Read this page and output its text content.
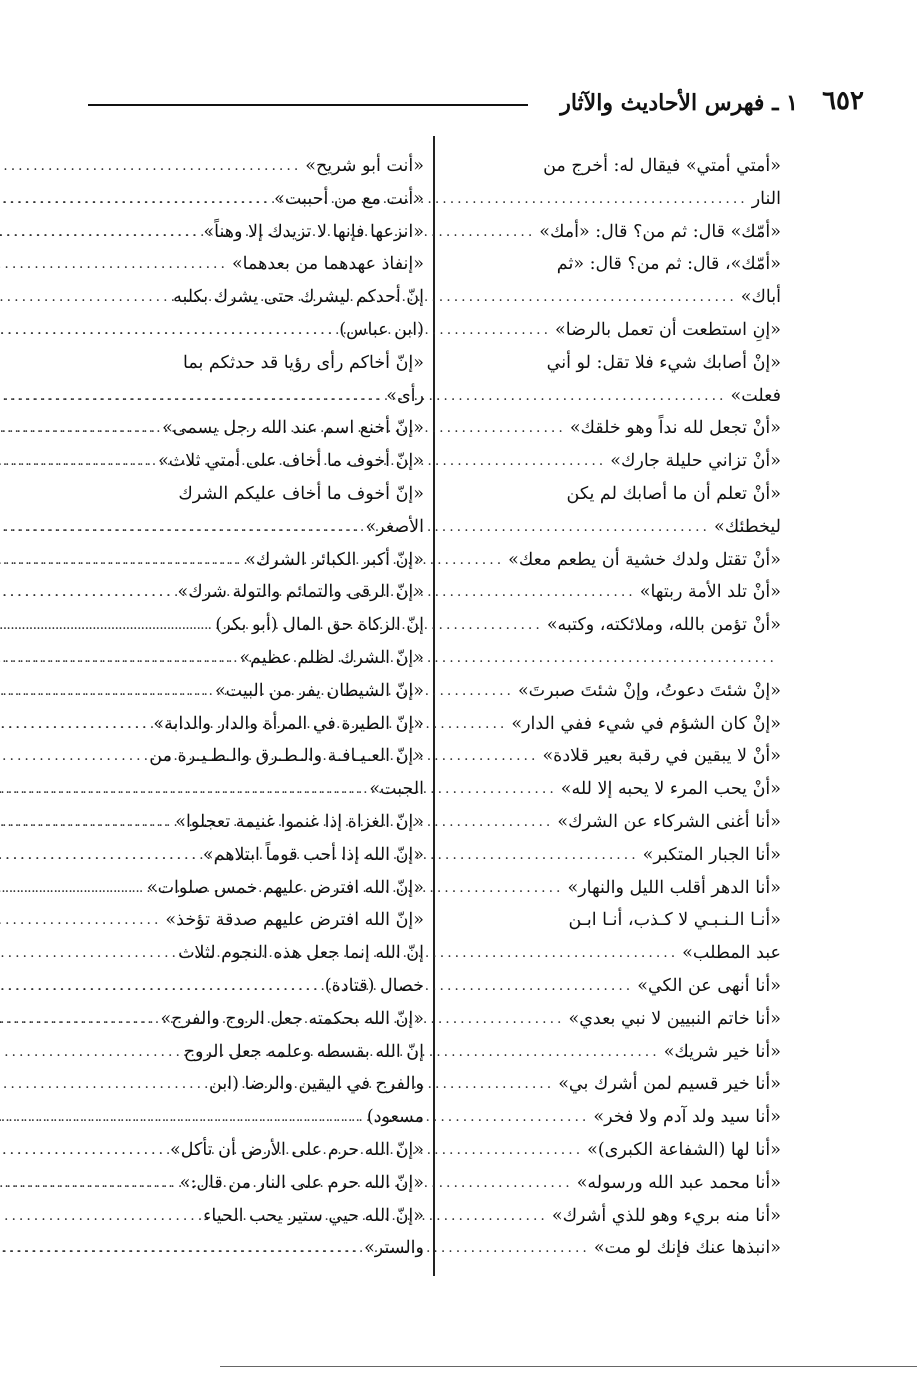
٦٥٢
١ ـ فهرس الأحاديث والآثار
«أمتي أمتي» فيقال له: أخرج من
النار
.....
«أمّك» قال: ثم من؟ قال: «أمك»
.....
«أمّك»، قال: ثم من؟ قال: «ثم
أباك»
.....
«إنِ استطعت أن تعمل بالرضا»
.....
«إنْ أصابك شيء فلا تقل: لو أني
فعلت»
.....
«أنْ تجعل لله نداً وهو خلقك»
.....
«أنْ تزاني حليلة جارك»
.....
«أنْ تعلم أن ما أصابك لم يكن
ليخطئك»
.....
«أنْ تقتل ولدك خشية أن يطعم معك»
.....
«أنْ تلد الأمة ربتها»
.....
«أنْ تؤمن بالله، وملائكته، وكتبه»
.....
.....
«إنْ شئتَ دعوتُ، وإنْ شئتَ صبرتَ»
.....
«إنْ كان الشؤم في شيء ففي الدار»
.....
«أنْ لا يبقين في رقبة بعير قلادة»
.....
«أنْ يحب المرء لا يحبه إلا لله»
.....
«أنا أغنى الشركاء عن الشرك»
.....
«أنا الجبار المتكبر»
.....
«أنا الدهر أقلب الليل والنهار»
.....
«أنـا الـنـبـي لا كـذب، أنـا ابـن
عبد المطلب»
.....
«أنا أنهى عن الكي»
.....
«أنا خاتم النبيين لا نبي بعدي»
.....
«أنا خير شريك»
.....
«أنا خير قسيم لمن أشرك بي»
.....
«أنا سيد ولد آدم ولا فخر»
.....
«أنا لها (الشفاعة الكبرى)»
.....
«أنا محمد عبد الله ورسوله»
.....
«أنا منه بريء وهو للذي أشرك»
.....
«انبذها عنك فإنك لو مت»
.....
«أنت أبو شريح»
.....
«أنت مع من أحببت»
.....
«انزعها فإنها لا تزيدك إلا وهناً»
.....
«إنفاذ عهدهما من بعدهما»
.....
إنّ أحدكم ليشرك حتى يشرك بكلبه
(ابن عباس)
.....
«إنّ أخاكم رأى رؤيا قد حدثكم بما
رأى»
.....
«إنّ أخنع اسم عند الله رجل يسمى»
.....
«إنّ أخوف ما أخاف على أمتي ثلاث»
.....
«إنّ أخوف ما أخاف عليكم الشرك
الأصغر»
.....
«إنّ أكبر الكبائر الشرك»
.....
«إنّ الرقى والتمائم والتولة شرك»
.....
إنّ الزكاة حق المال (أبو بكر)
.....
«إنّ الشرك لظلم عظيم»
.....
«إنّ الشيطان يفر من البيت»
.....
«إنّ الطيرة في المرأة والدار والدابة»
.....
«إنّ العـيـافـة والـطـرق والـطـيـرة من
الجبت»
.....
«إنّ الغزاة إذا غنموا غنيمة تعجلوا»
.....
«إنّ الله إذا أحب قوماً ابتلاهم»
.....
«إنّ الله افترض عليهم خمس صلوات»
.....
«إنّ الله افترض عليهم صدقة تؤخذ»
.....
إنّ الله إنما جعل هذه النجوم لثلاث
خصال (قتادة)
.....
«إنّ الله بحكمته جعل الروح والفرح»
.....
إنّ الله بقسطه وعلمه جعل الروح
والفرح في اليقين والرضا (ابن
مسعود)
.....
«إنّ الله حرم على الأرض أن تأكل»
.....
«إنّ الله حرم على النار من قال:»
.....
«إنّ الله حيي ستير يحب الحياء
والستر»
.....
